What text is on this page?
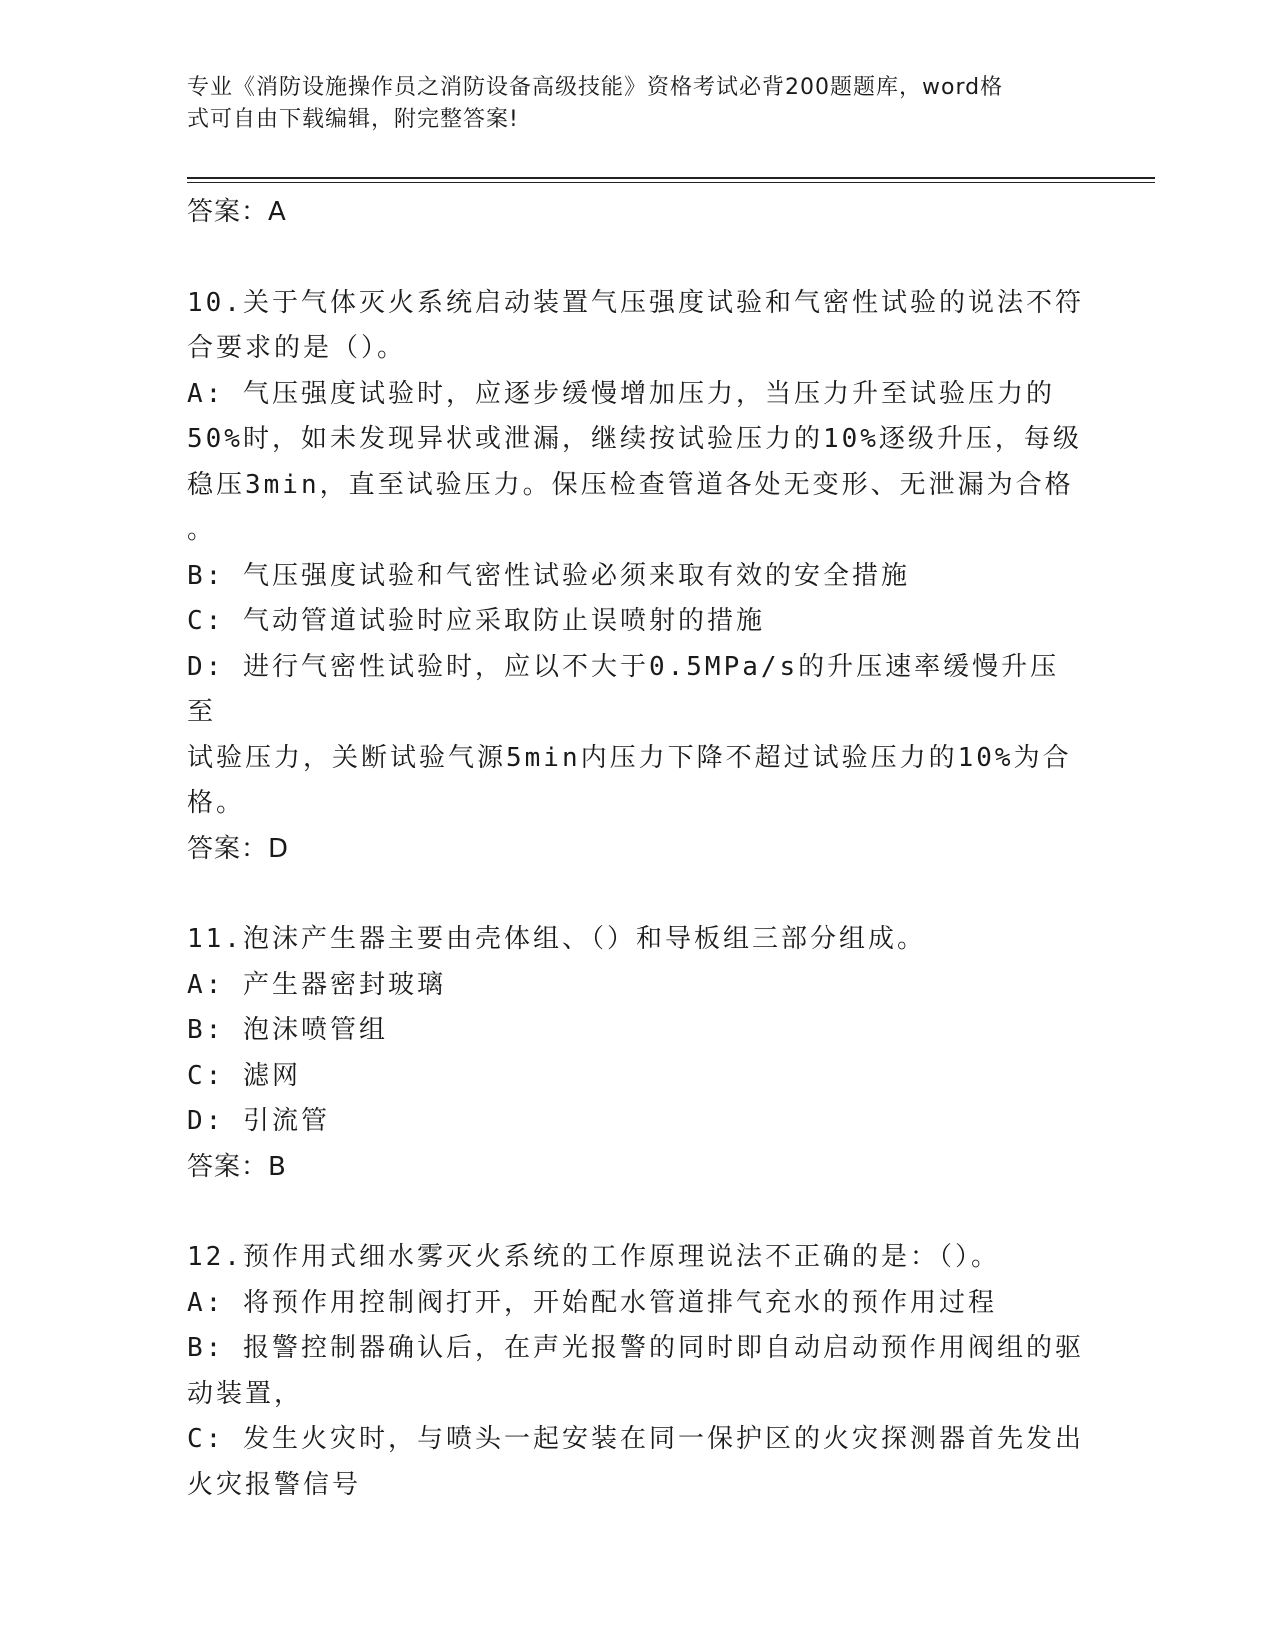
专业《消防设施操作员之消防设备高级技能》资格考试必背200题题库，word格
式可自由下载编辑，附完整答案!
答案：A
10.关于气体灭火系统启动装置气压强度试验和气密性试验的说法不符
合要求的是（）。
A: 气压强度试验时，应逐步缓慢增加压力，当压力升至试验压力的
50%时，如未发现异状或泄漏，继续按试验压力的10%逐级升压，每级
稳压3min，直至试验压力。保压检查管道各处无变形、无泄漏为合格
。
B: 气压强度试验和气密性试验必须来取有效的安全措施
C: 气动管道试验时应采取防止误喷射的措施
D: 进行气密性试验时，应以不大于0.5MPa/s的升压速率缓慢升压至
试验压力，关断试验气源5min内压力下降不超过试验压力的10%为合
格。
答案：D
11.泡沫产生器主要由壳体组、（）和导板组三部分组成。
A: 产生器密封玻璃
B: 泡沫喷管组
C: 滤网
D: 引流管
答案：B
12.预作用式细水雾灭火系统的工作原理说法不正确的是：（）。
A: 将预作用控制阀打开，开始配水管道排气充水的预作用过程
B: 报警控制器确认后，在声光报警的同时即自动启动预作用阀组的驱
动装置，
C: 发生火灾时，与喷头一起安装在同一保护区的火灾探测器首先发出
火灾报警信号
